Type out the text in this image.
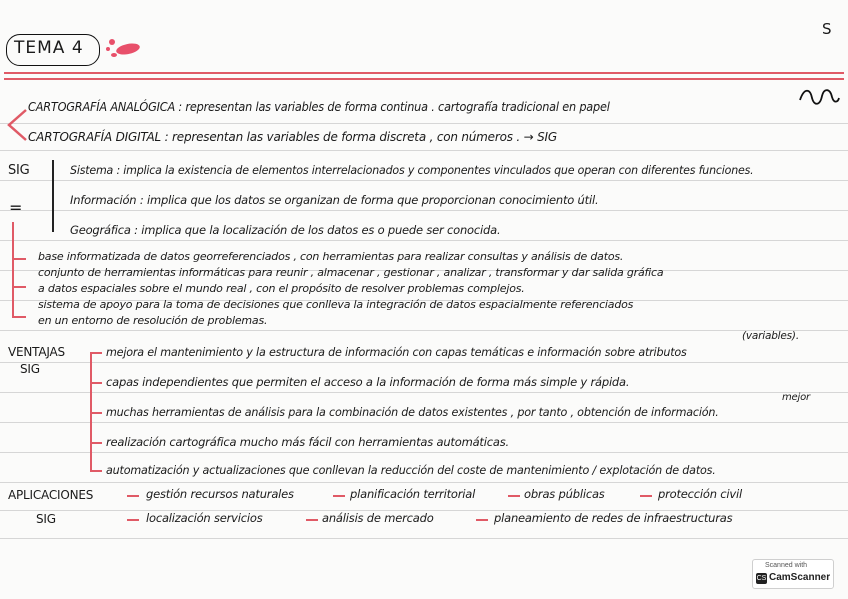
TEMA 4
S
CARTOGRAFÍA ANALÓGICA : representan las variables de forma continua . cartografía tradicional en papel
CARTOGRAFÍA DIGITAL : representan las variables de forma discreta , con números . → SIG
SIG
=
Sistema : implica la existencia de elementos interrelacionados y componentes vinculados que operan con diferentes funciones.
Información : implica que los datos se organizan de forma que proporcionan conocimiento útil.
Geográfica : implica que la localización de los datos es o puede ser conocida.
base informatizada de datos georreferenciados , con herramientas para realizar consultas y análisis de datos.
conjunto de herramientas informáticas para reunir , almacenar , gestionar , analizar , transformar y dar salida gráfica
a datos espaciales sobre el mundo real , con el propósito de resolver problemas complejos.
sistema de apoyo para la toma de decisiones que conlleva la integración de datos espacialmente referenciados
en un entorno de resolución de problemas.
(variables).
VENTAJAS
SIG
mejora el mantenimiento y la estructura de información con capas temáticas e información sobre atributos
capas independientes que permiten el acceso a la información de forma más simple y rápida.
mejor
muchas herramientas de análisis para la combinación de datos existentes , por tanto , obtención de información.
realización cartográfica mucho más fácil con herramientas automáticas.
automatización y actualizaciones que conllevan la reducción del coste de mantenimiento / explotación de datos.
APLICACIONES
SIG
gestión recursos naturales	planificación territorial	obras públicas	protección civil
localización servicios	análisis de mercado	planeamiento de redes de infraestructuras
Scanned with
CS CamScanner
